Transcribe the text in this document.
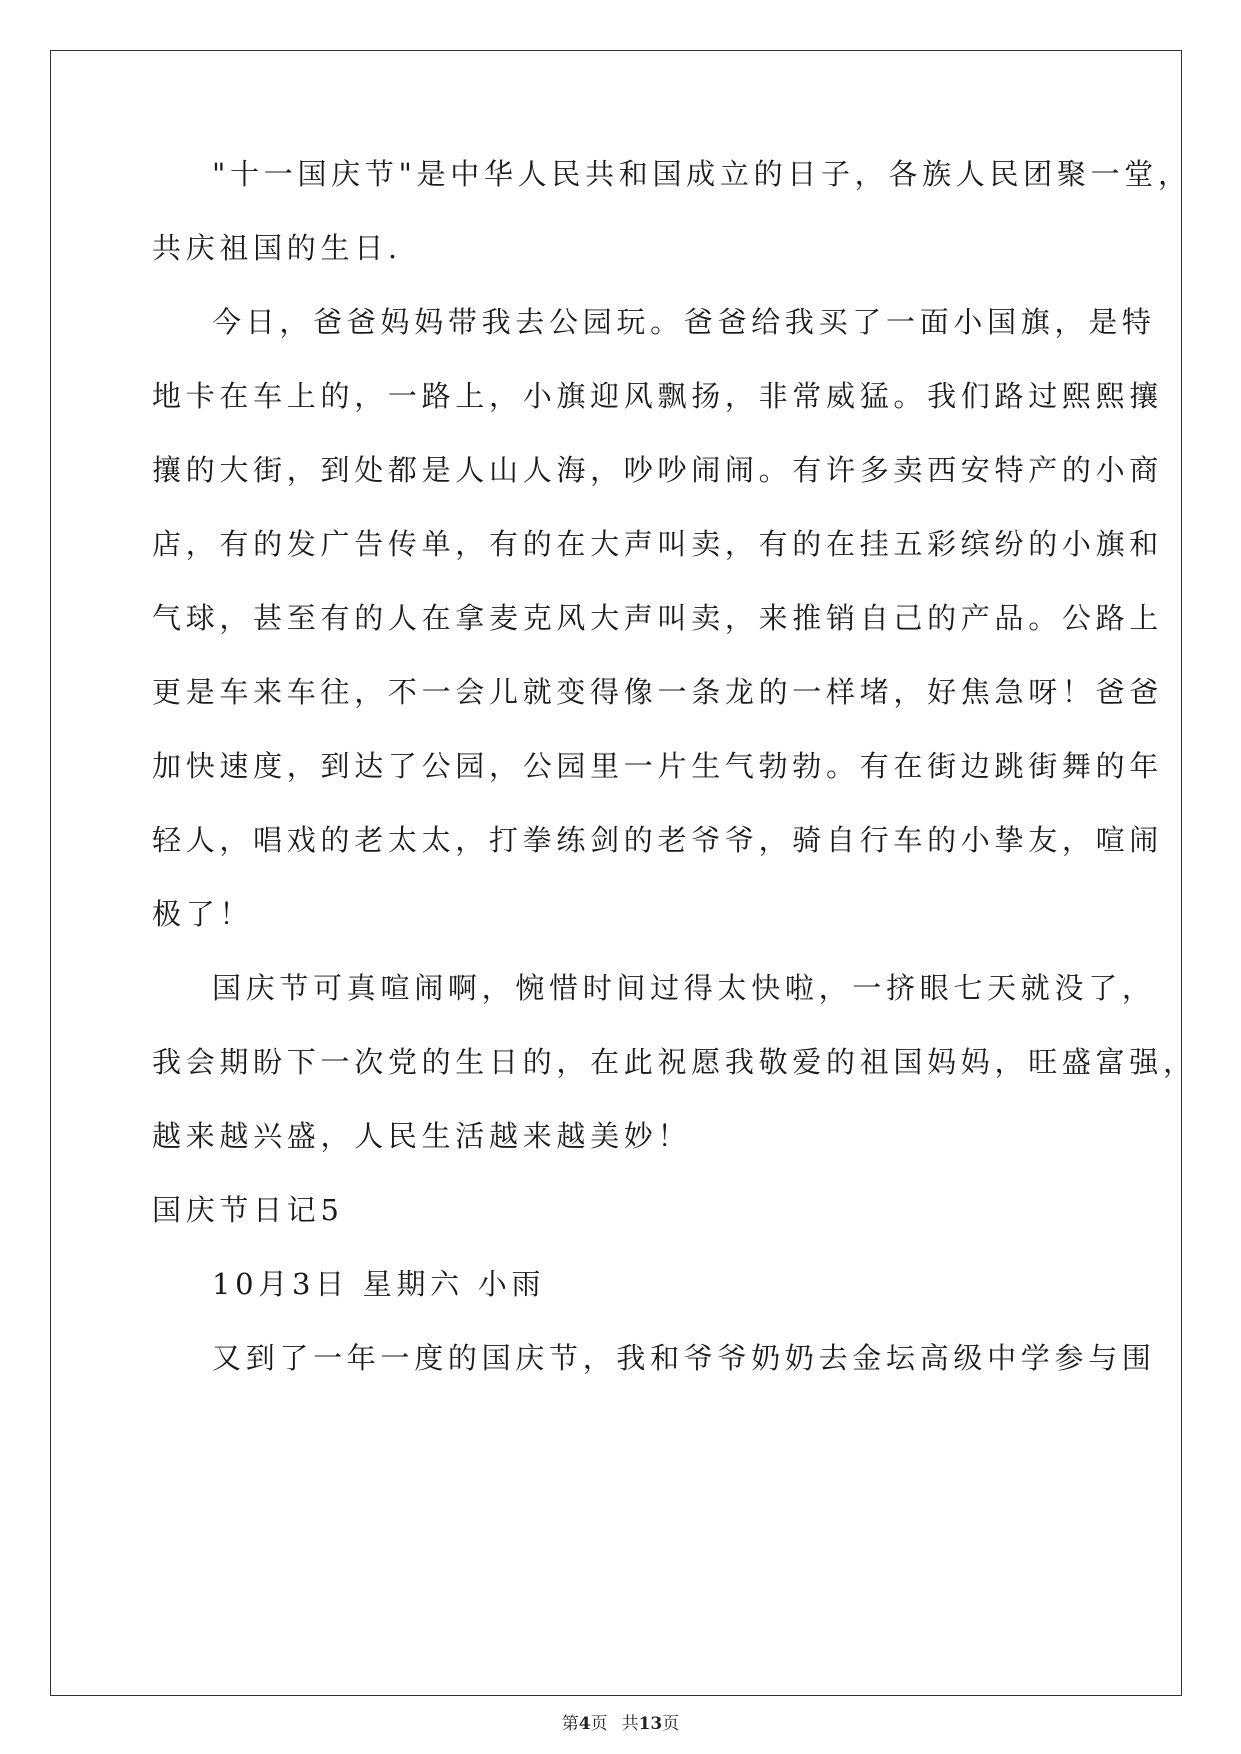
"十一国庆节"是中华人民共和国成立的日子，各族人民团聚一堂，
共庆祖国的生日.
今日，爸爸妈妈带我去公园玩。爸爸给我买了一面小国旗，是特
地卡在车上的，一路上，小旗迎风飘扬，非常威猛。我们路过熙熙攘
攘的大街，到处都是人山人海，吵吵闹闹。有许多卖西安特产的小商
店，有的发广告传单，有的在大声叫卖，有的在挂五彩缤纷的小旗和
气球，甚至有的人在拿麦克风大声叫卖，来推销自己的产品。公路上
更是车来车往，不一会儿就变得像一条龙的一样堵，好焦急呀！爸爸
加快速度，到达了公园，公园里一片生气勃勃。有在街边跳街舞的年
轻人，唱戏的老太太，打拳练剑的老爷爷，骑自行车的小挚友，喧闹
极了！
国庆节可真喧闹啊，惋惜时间过得太快啦，一挤眼七天就没了，
我会期盼下一次党的生日的，在此祝愿我敬爱的祖国妈妈，旺盛富强，
越来越兴盛，人民生活越来越美妙！
国庆节日记5
10月3日 星期六 小雨
又到了一年一度的国庆节，我和爷爷奶奶去金坛高级中学参与围
第4页 共13页
